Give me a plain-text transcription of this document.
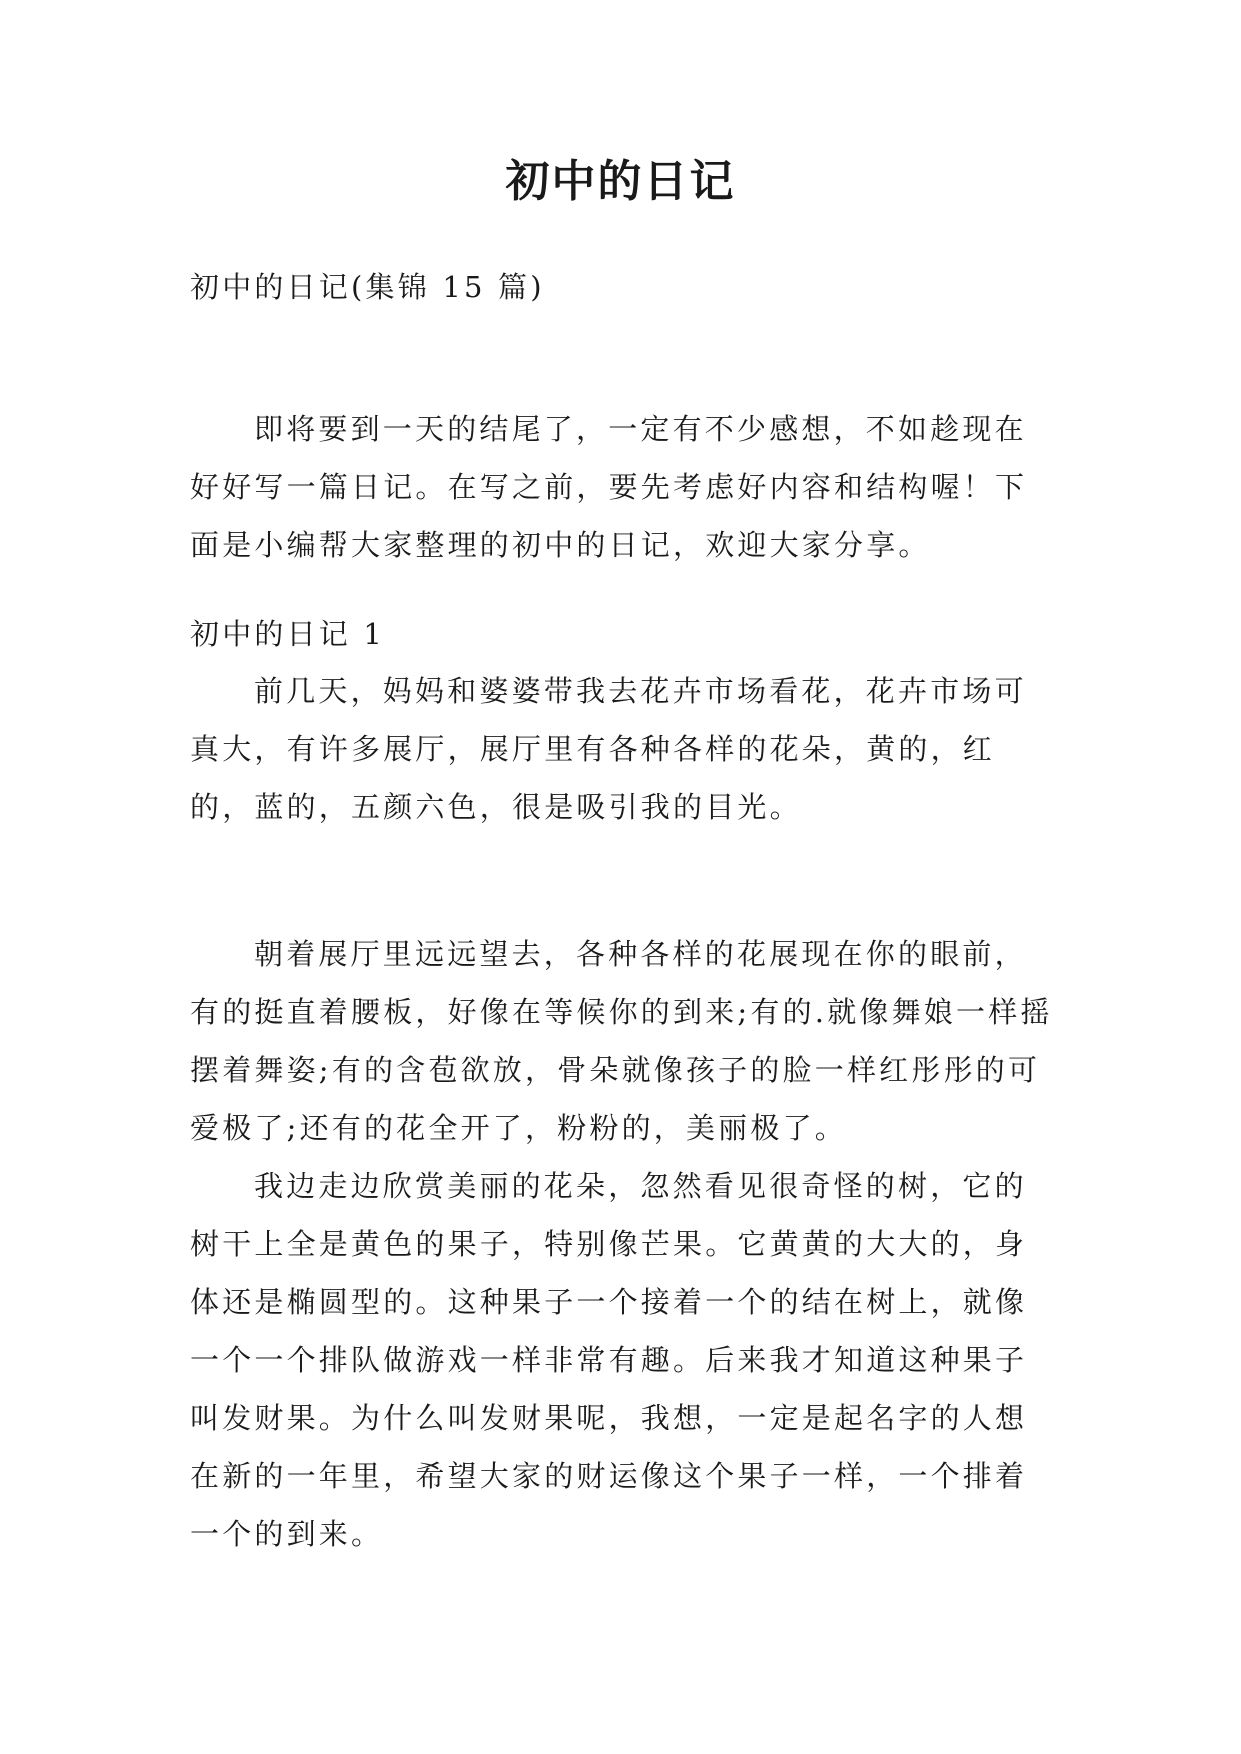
初中的日记

初中的日记(集锦 15 篇)

即将要到一天的结尾了，一定有不少感想，不如趁现在好好写一篇日记。在写之前，要先考虑好内容和结构喔！下面是小编帮大家整理的初中的日记，欢迎大家分享。

初中的日记 1

前几天，妈妈和婆婆带我去花卉市场看花，花卉市场可真大，有许多展厅，展厅里有各种各样的花朵，黄的，红的，蓝的，五颜六色，很是吸引我的目光。

朝着展厅里远远望去，各种各样的花展现在你的眼前，有的挺直着腰板，好像在等候你的到来;有的.就像舞娘一样摇摆着舞姿;有的含苞欲放，骨朵就像孩子的脸一样红彤彤的可爱极了;还有的花全开了，粉粉的，美丽极了。

我边走边欣赏美丽的花朵，忽然看见很奇怪的树，它的树干上全是黄色的果子，特别像芒果。它黄黄的大大的，身体还是椭圆型的。这种果子一个接着一个的结在树上，就像一个一个排队做游戏一样非常有趣。后来我才知道这种果子叫发财果。为什么叫发财果呢，我想，一定是起名字的人想在新的一年里，希望大家的财运像这个果子一样，一个排着一个的到来。
